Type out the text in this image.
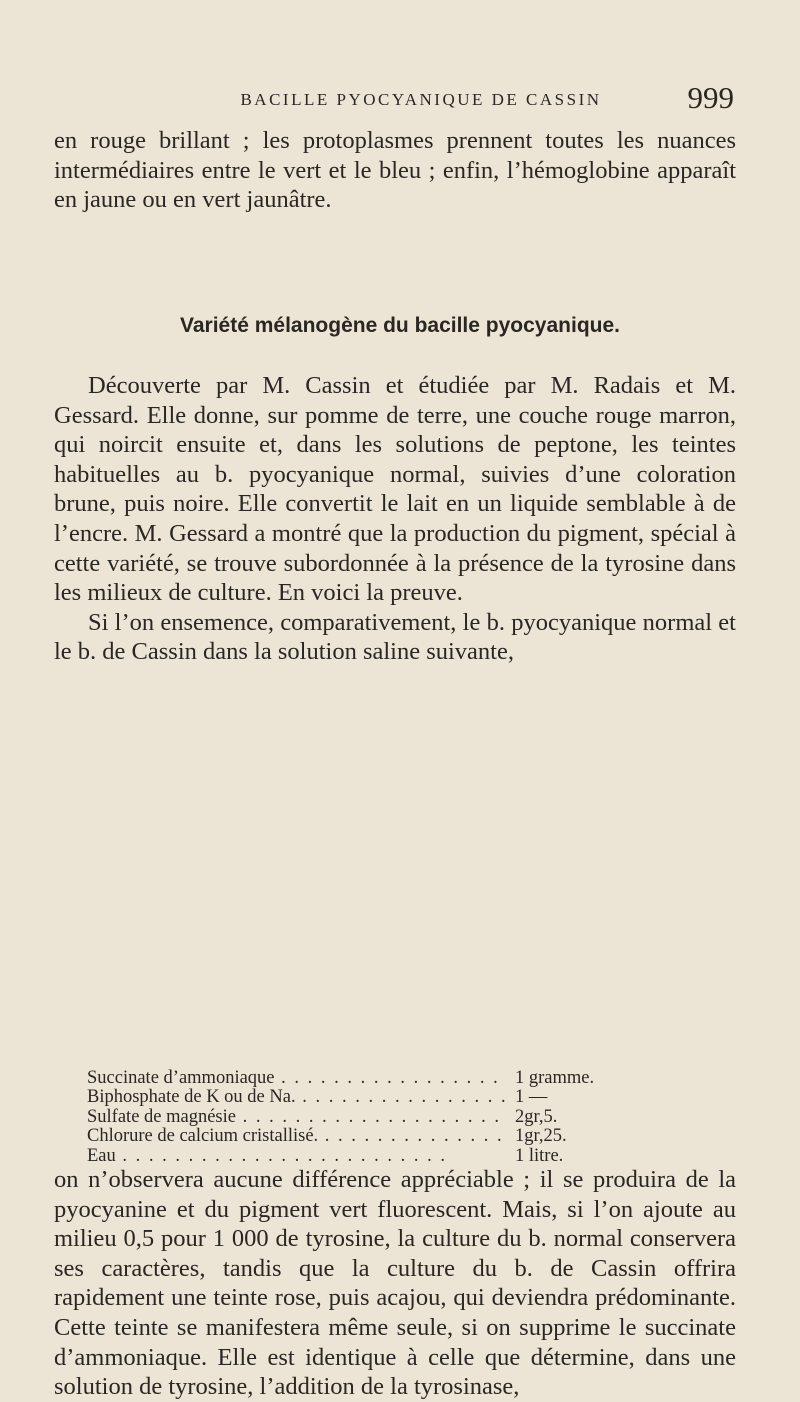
BACILLE PYOCYANIQUE DE CASSIN	999

en rouge brillant ; les protoplasmes prennent toutes les nuances intermédiaires entre le vert et le bleu ; enfin, l’hémoglobine apparaît en jaune ou en vert jaunâtre.

Variété mélanogène du bacille pyocyanique.

Découverte par M. Cassin et étudiée par M. Radais et M. Gessard. Elle donne, sur pomme de terre, une couche rouge marron, qui noircit ensuite et, dans les solutions de peptone, les teintes habituelles au b. pyocyanique normal, suivies d’une coloration brune, puis noire. Elle convertit le lait en un liquide semblable à de l’encre. M. Gessard a montré que la production du pigment, spécial à cette variété, se trouve subordonnée à la présence de la tyrosine dans les milieux de culture. En voici la preuve.

Si l’on ensemence, comparativement, le b. pyocyanique normal et le b. de Cassin dans la solution saline suivante,

Succinate d’ammoniaque . . .	1 gramme.
Biphosphate de K ou de Na. . . .	1 —
Sulfate de magnésie . . .	2gr,5.
Chlorure de calcium cristallisé. . . .	1gr,25.
Eau . . .	1 litre.

on n’observera aucune différence appréciable ; il se produira de la pyocyanine et du pigment vert fluorescent. Mais, si l’on ajoute au milieu 0,5 pour 1 000 de tyrosine, la culture du b. normal conservera ses caractères, tandis que la culture du b. de Cassin offrira rapidement une teinte rose, puis acajou, qui deviendra prédominante. Cette teinte se manifestera même seule, si on supprime le succinate d’ammoniaque. Elle est identique à celle que détermine, dans une solution de tyrosine, l’addition de la tyrosinase,
